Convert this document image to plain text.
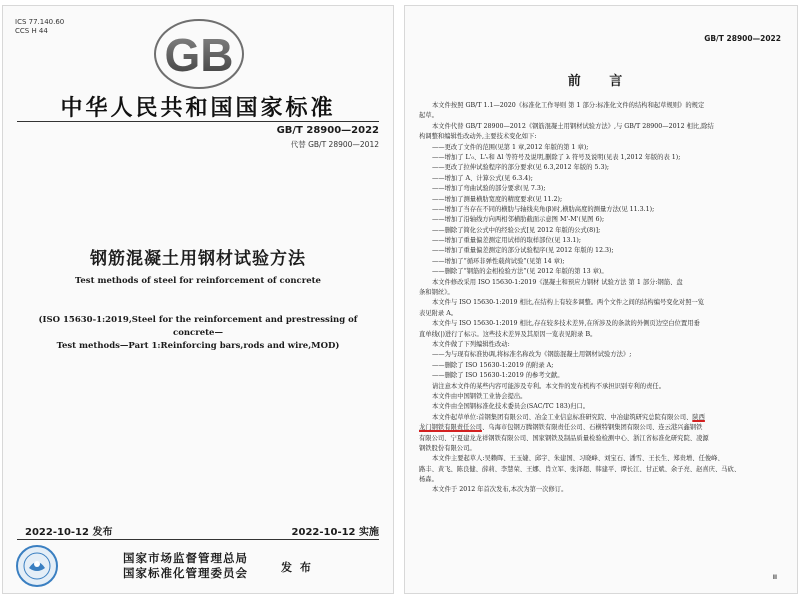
ICS 77.140.60
CCS H 44	GB
中华人民共和国国家标准
GB/T 28900—2022
代替 GB/T 28900—2012
钢筋混凝土用钢材试验方法
Test methods of steel for reinforcement of concrete
(ISO 15630-1:2019,Steel for the reinforcement and prestressing of concrete—
Test methods—Part 1:Reinforcing bars,rods and wire,MOD)
2022-10-12 发布	2022-10-12 实施
国家市场监督管理总局
国家标准化管理委员会	发 布
GB/T 28900—2022
前 言
本文件按照 GB/T 1.1—2020《标准化工作导则 第 1 部分:标准化文件的结构和起草规则》的规定
起草。
本文件代替 GB/T 28900—2012《钢筋混凝土用钢材试验方法》,与 GB/T 28900—2012 相比,除结
构调整和编辑性改动外,主要技术变化如下:
——更改了文件的范围(见第 1 章,2012 年版的第 1 章);
——增加了 L'₀、L'ᵥ和 Δl 等符号及说明,删除了 λ 符号及说明(见表 1,2012 年版的表 1);
——更改了拉伸试验程序的部分要求(见 6.3,2012 年版的 5.3);
——增加了 A、计算公式(见 6.3.4);
——增加了弯曲试验的部分要求(见 7.3);
——增加了测量横肋宽度的精度要求(见 11.2);
——增加了当存在不同的横肋与轴线夹角(β)时,横肋高度的测量方法(见 11.3.1);
——增加了沿轴线方向两相邻横肋截面示意图 M'-M'(见图 6);
——删除了简化公式中的经验公式[见 2012 年版的公式(8)];
——增加了重量偏差测定用试样的取样部位(见 13.1);
——增加了重量偏差测定的部分试验程序(见 2012 年版的 12.3);
——增加了“循环非弹性载荷试验”(见第 14 章);
——删除了“钢筋的金相检验方法”(见 2012 年版的第 13 章)。
本文件修改采用 ISO 15630-1:2019《混凝土和预应力钢材 试验方法 第 1 部分:钢筋、盘
条和钢丝》。
本文件与 ISO 15630-1:2019 相比,在结构上有较多调整。两个文件之间的结构编号变化对照一览
表见附录 A。
本文件与 ISO 15630-1:2019 相比,存在较多技术差异,在所涉及的条款的外侧页边空白位置用垂
直单线(|)进行了标示。这些技术差异及其原因一览表见附录 B。
本文件做了下列编辑性改动:
——为与现有标准协调,将标准名称改为《钢筋混凝土用钢材试验方法》;
——删除了 ISO 15630-1:2019 的附录 A;
——删除了 ISO 15630-1:2019 的参考文献。
请注意本文件的某些内容可能涉及专利。本文件的发布机构不承担识别专利的责任。
本文件由中国钢铁工业协会提出。
本文件由全国钢标准化技术委员会(SAC/TC 183)归口。
本文件起草单位:首钢集团有限公司、冶金工业信息标准研究院、中冶建筑研究总院有限公司、陕西
龙门钢铁有限责任公司、乌海市包钢万腾钢铁有限责任公司、石横特钢集团有限公司、连云港兴鑫钢铁
有限公司、宁夏建龙龙祥钢铁有限公司、国家钢铁及制品质量检验检测中心、浙江省标准化研究院、凌源
钢铁股份有限公司。
本文件主要起草人:吴赖晖、王玉婕、邱宇、朱建国、习晓峰、刘宝石、潘雪、王长生、郑贵增、任俊峰、
路丰、黄飞、陈良健、薛莉、李慧荣、王娜、肖立军、张泽超、韩建平、谭长江、甘正斌、余子亮、赵喜庆、马砍、
杨森。
本文件于 2012 年首次发布,本次为第一次修订。
Ⅲ
